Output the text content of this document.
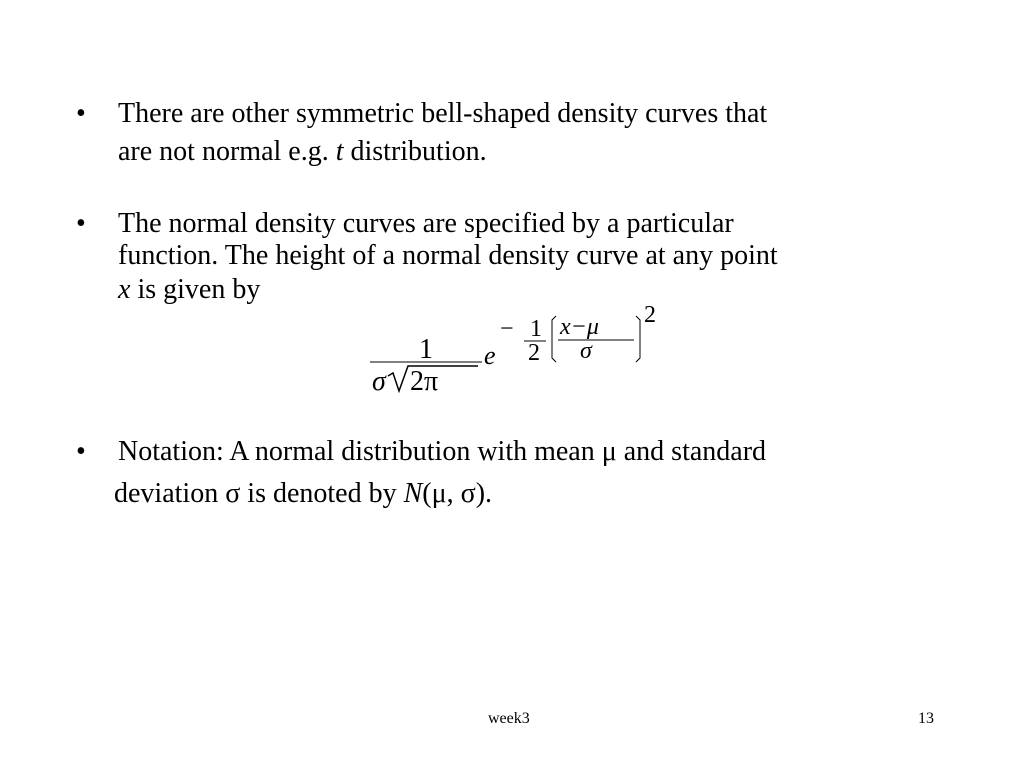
• There are other symmetric bell-shaped density curves that
are not normal e.g. t distribution.
• The normal density curves are specified by a particular
function. The height of a normal density curve at any point
x is given by
1
σ 2π
e
− 1
2
x−μ
σ
2
• Notation: A normal distribution with mean μ and standard
deviation σ is denoted by N(μ, σ).
week3	13
